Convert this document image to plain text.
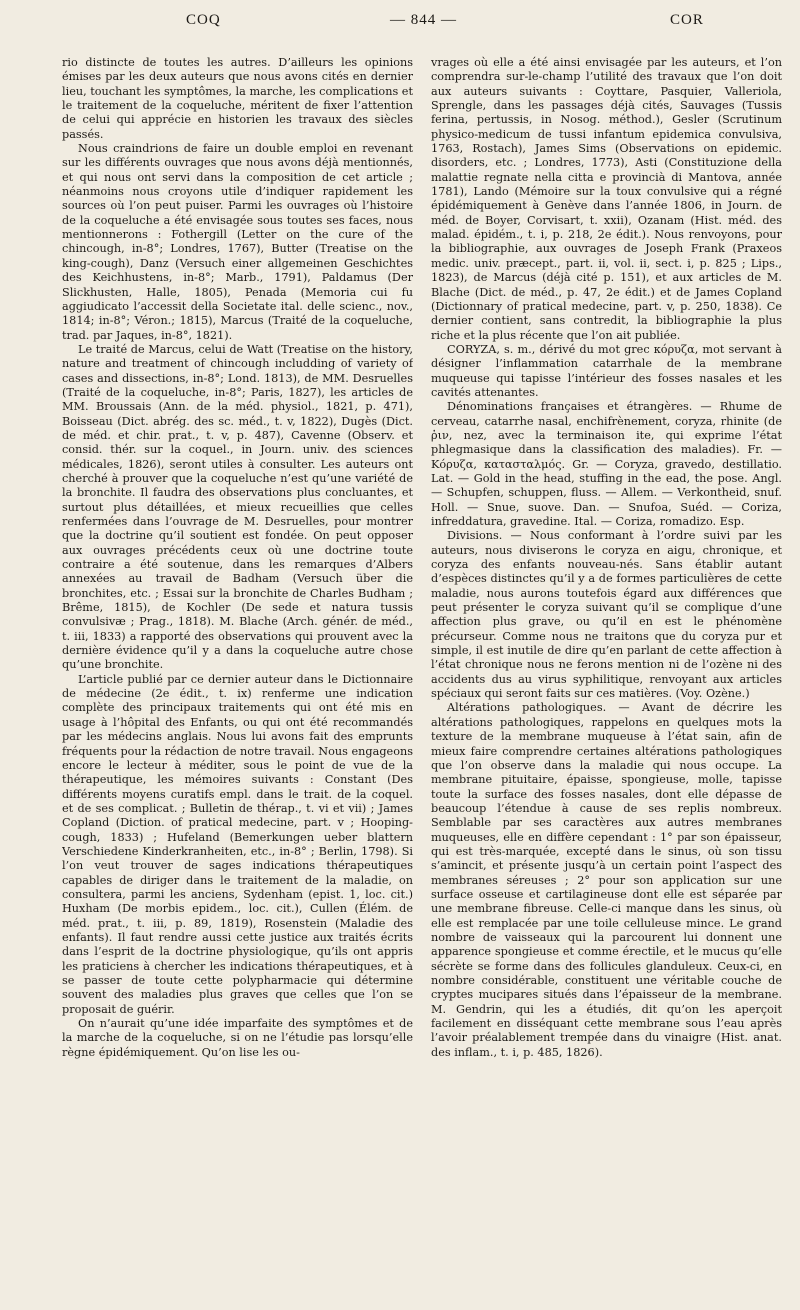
COQ	— 844 —	COR

rio distincte de toutes les autres. D’ailleurs les opinions émises par les deux auteurs que nous avons cités en dernier lieu, touchant les symptômes, la marche, les complications et le traitement de la coqueluche, méritent de fixer l’attention de celui qui apprécie en historien les travaux des siècles passés.

Nous craindrions de faire un double emploi en revenant sur les différents ouvrages que nous avons déjà mentionnés, et qui nous ont servi dans la composition de cet article ; néanmoins nous croyons utile d’indiquer rapidement les sources où l’on peut puiser. Parmi les ouvrages où l’histoire de la coqueluche a été envisagée sous toutes ses faces, nous mentionnerons : Fothergill (Letter on the cure of the chincough, in-8°; Londres, 1767), Butter (Treatise on the king-cough), Danz (Versuch einer allgemeinen Geschichtes des Keichhustens, in-8°; Marb., 1791), Paldamus (Der Slickhusten, Halle, 1805), Penada (Memoria cui fu aggiudicato l’accessit della Societate ital. delle scienc., nov., 1814; in-8°; Véron.; 1815), Marcus (Traité de la coqueluche, trad. par Jaques, in-8°, 1821).

Le traité de Marcus, celui de Watt (Treatise on the history, nature and treatment of chincough includding of variety of cases and dissections, in-8°; Lond. 1813), de MM. Desruelles (Traité de la coqueluche, in-8°; Paris, 1827), les articles de MM. Broussais (Ann. de la méd. physiol., 1821, p. 471), Boisseau (Dict. abrég. des sc. méd., t. v, 1822), Dugès (Dict. de méd. et chir. prat., t. v, p. 487), Cavenne (Observ. et consid. thér. sur la coquel., in Journ. univ. des sciences médicales, 1826), seront utiles à consulter. Les auteurs ont cherché à prouver que la coqueluche n’est qu’une variété de la bronchite. Il faudra des observations plus concluantes, et surtout plus détaillées, et mieux recueillies que celles renfermées dans l’ouvrage de M. Desruelles, pour montrer que la doctrine qu’il soutient est fondée. On peut opposer aux ouvrages précédents ceux où une doctrine toute contraire a été soutenue, dans les remarques d’Albers annexées au travail de Badham (Versuch über die bronchites, etc. ; Essai sur la bronchite de Charles Budham ; Brême, 1815), de Kochler (De sede et natura tussis convulsivæ ; Prag., 1818). M. Blache (Arch. génér. de méd., t. iii, 1833) a rapporté des observations qui prouvent avec la dernière évidence qu’il y a dans la coqueluche autre chose qu’une bronchite.

L’article publié par ce dernier auteur dans le Dictionnaire de médecine (2e édit., t. ix) renferme une indication complète des principaux traitements qui ont été mis en usage à l’hôpital des Enfants, ou qui ont été recommandés par les médecins anglais. Nous lui avons fait des emprunts fréquents pour la rédaction de notre travail. Nous engageons encore le lecteur à méditer, sous le point de vue de la thérapeutique, les mémoires suivants : Constant (Des différents moyens curatifs empl. dans le trait. de la coquel. et de ses complicat. ; Bulletin de thérap., t. vi et vii) ; James Copland (Diction. of pratical medecine, part. v ; Hooping-cough, 1833) ; Hufeland (Bemerkungen ueber blattern Verschiedene Kinderkranheiten, etc., in-8° ; Berlin, 1798). Si l’on veut trouver de sages indications thérapeutiques capables de diriger dans le traitement de la maladie, on consultera, parmi les anciens, Sydenham (epist. 1, loc. cit.) Huxham (De morbis epidem., loc. cit.), Cullen (Élém. de méd. prat., t. iii, p. 89, 1819), Rosenstein (Maladie des enfants). Il faut rendre aussi cette justice aux traités écrits dans l’esprit de la doctrine physiologique, qu’ils ont appris les praticiens à chercher les indications thérapeutiques, et à se passer de toute cette polypharmacie qui détermine souvent des maladies plus graves que celles que l’on se proposait de guérir.

On n’aurait qu’une idée imparfaite des symptômes et de la marche de la coqueluche, si on ne l’étudie pas lorsqu’elle règne épidémiquement. Qu’on lise les ou-

vrages où elle a été ainsi envisagée par les auteurs, et l’on comprendra sur-le-champ l’utilité des travaux que l’on doit aux auteurs suivants : Coyttare, Pasquier, Valleriola, Sprengle, dans les passages déjà cités, Sauvages (Tussis ferina, pertussis, in Nosog. méthod.), Gesler (Scrutinum physico-medicum de tussi infantum epidemica convulsiva, 1763, Rostach), James Sims (Observations on epidemic. disorders, etc. ; Londres, 1773), Asti (Constituzione della malattie regnate nella citta e provincià di Mantova, année 1781), Lando (Mémoire sur la toux convulsive qui a régné épidémiquement à Genève dans l’année 1806, in Journ. de méd. de Boyer, Corvisart, t. xxii), Ozanam (Hist. méd. des malad. épidém., t. i, p. 218, 2e édit.). Nous renvoyons, pour la bibliographie, aux ouvrages de Joseph Frank (Praxeos medic. univ. præcept., part. ii, vol. ii, sect. i, p. 825 ; Lips., 1823), de Marcus (déjà cité p. 151), et aux articles de M. Blache (Dict. de méd., p. 47, 2e édit.) et de James Copland (Dictionnary of pratical medecine, part. v, p. 250, 1838). Ce dernier contient, sans contredit, la bibliographie la plus riche et la plus récente que l’on ait publiée.

CORYZA, s. m., dérivé du mot grec κόρυζα, mot servant à désigner l’inflammation catarrhale de la membrane muqueuse qui tapisse l’intérieur des fosses nasales et les cavités attenantes.

Dénominations françaises et étrangères. — Rhume de cerveau, catarrhe nasal, enchifrènement, coryza, rhinite (de ῥιν, nez, avec la terminaison ite, qui exprime l’état phlegmasique dans la classification des maladies). Fr. — Κόρυζα, κατασταλμός. Gr. — Coryza, gravedo, destillatio. Lat. — Gold in the head, stuffing in the ead, the pose. Angl. — Schupfen, schuppen, fluss. — Allem. — Verkontheid, snuf. Holl. — Snue, suove. Dan. — Snufoa, Suéd. — Coriza, infreddatura, gravedine. Ital. — Coriza, romadizo. Esp.

Divisions. — Nous conformant à l’ordre suivi par les auteurs, nous diviserons le coryza en aigu, chronique, et coryza des enfants nouveau-nés. Sans établir autant d’espèces distinctes qu’il y a de formes particulières de cette maladie, nous aurons toutefois égard aux différences que peut présenter le coryza suivant qu’il se complique d’une affection plus grave, ou qu’il en est le phénomène précurseur. Comme nous ne traitons que du coryza pur et simple, il est inutile de dire qu’en parlant de cette affection à l’état chronique nous ne ferons mention ni de l’ozène ni des accidents dus au virus syphilitique, renvoyant aux articles spéciaux qui seront faits sur ces matières. (Voy. Ozène.)

Altérations pathologiques. — Avant de décrire les altérations pathologiques, rappelons en quelques mots la texture de la membrane muqueuse à l’état sain, afin de mieux faire comprendre certaines altérations pathologiques que l’on observe dans la maladie qui nous occupe. La membrane pituitaire, épaisse, spongieuse, molle, tapisse toute la surface des fosses nasales, dont elle dépasse de beaucoup l’étendue à cause de ses replis nombreux. Semblable par ses caractères aux autres membranes muqueuses, elle en diffère cependant : 1° par son épaisseur, qui est très-marquée, excepté dans le sinus, où son tissu s’amincit, et présente jusqu’à un certain point l’aspect des membranes séreuses ; 2° pour son application sur une surface osseuse et cartilagineuse dont elle est séparée par une membrane fibreuse. Celle-ci manque dans les sinus, où elle est remplacée par une toile celluleuse mince. Le grand nombre de vaisseaux qui la parcourent lui donnent une apparence spongieuse et comme érectile, et le mucus qu’elle sécrète se forme dans des follicules glanduleux. Ceux-ci, en nombre considérable, constituent une véritable couche de cryptes mucipares situés dans l’épaisseur de la membrane. M. Gendrin, qui les a étudiés, dit qu’on les aperçoit facilement en disséquant cette membrane sous l’eau après l’avoir préalablement trempée dans du vinaigre (Hist. anat. des inflam., t. i, p. 485, 1826).
